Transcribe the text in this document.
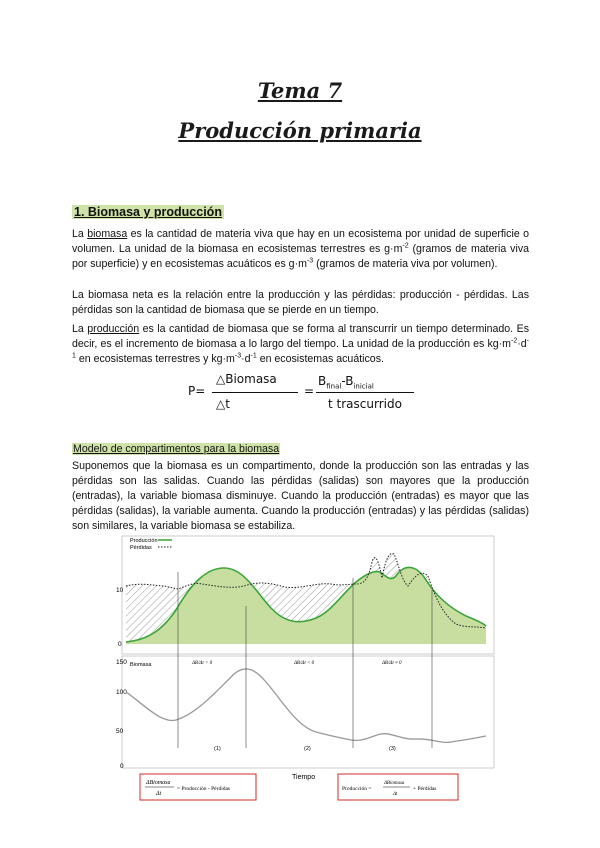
Tema 7
Producción primaria
1. Biomasa y producción
La biomasa es la cantidad de materia viva que hay en un ecosistema por unidad de superficie o volumen. La unidad de la biomasa en ecosistemas terrestres es $g\cdot m^{-2}$ (gramos de materia viva por superficie) y en ecosistemas acuáticos es $g\cdot m^{-3}$ (gramos de materia viva por volumen).
La biomasa neta es la relación entre la producción y las pérdidas: producción - pérdidas. Las pérdidas son la cantidad de biomasa que se pierde en un tiempo.
La producción es la cantidad de biomasa que se forma al transcurrir un tiempo determinado. Es decir, es el incremento de biomasa a lo largo del tiempo. La unidad de la producción es $kg\cdot m^{-2}\cdot d^{-1}$ en ecosistemas terrestres y $kg\cdot m^{-3}\cdot d^{-1}$ en ecosistemas acuáticos.
P=
△Biomasa
△t
=
$B_{final}-B_{inicial}$
t trascurrido
Modelo de compartimentos para la biomasa
Suponemos que la biomasa es un compartimento, donde la producción son las entradas y las pérdidas son las salidas. Cuando las pérdidas (salidas) son mayores que la producción (entradas), la variable biomasa disminuye. Cuando la producción (entradas) es mayor que las pérdidas (salidas), la variable aumenta. Cuando la producción (entradas) y las pérdidas (salidas) son similares, la variable biomasa se estabiliza.
Producción
Pérdidas
10
0
150
100
50
0
Biomasa	ΔB/Δt > 0	ΔB/Δt < 0	ΔB/Δt ≈ 0
(1)	(2)	(3)
Tiempo
ΔBiomasa
Δt
= Producción - Pérdidas	Producción =
ΔBiomasa
Δt
+ Pérdidas
